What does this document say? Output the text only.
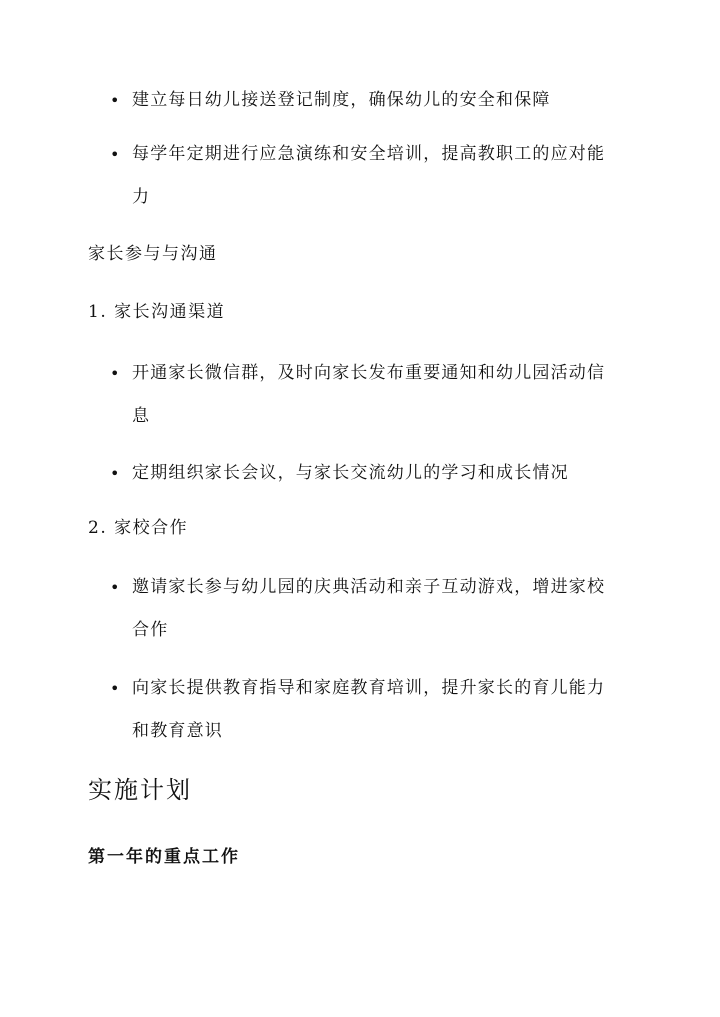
• 建立每日幼儿接送登记制度，确保幼儿的安全和保障
• 每学年定期进行应急演练和安全培训，提高教职工的应对能
力
家长参与与沟通
1. 家长沟通渠道
• 开通家长微信群，及时向家长发布重要通知和幼儿园活动信
息
• 定期组织家长会议，与家长交流幼儿的学习和成长情况
2. 家校合作
• 邀请家长参与幼儿园的庆典活动和亲子互动游戏，增进家校
合作
• 向家长提供教育指导和家庭教育培训，提升家长的育儿能力
和教育意识
实施计划
第一年的重点工作
